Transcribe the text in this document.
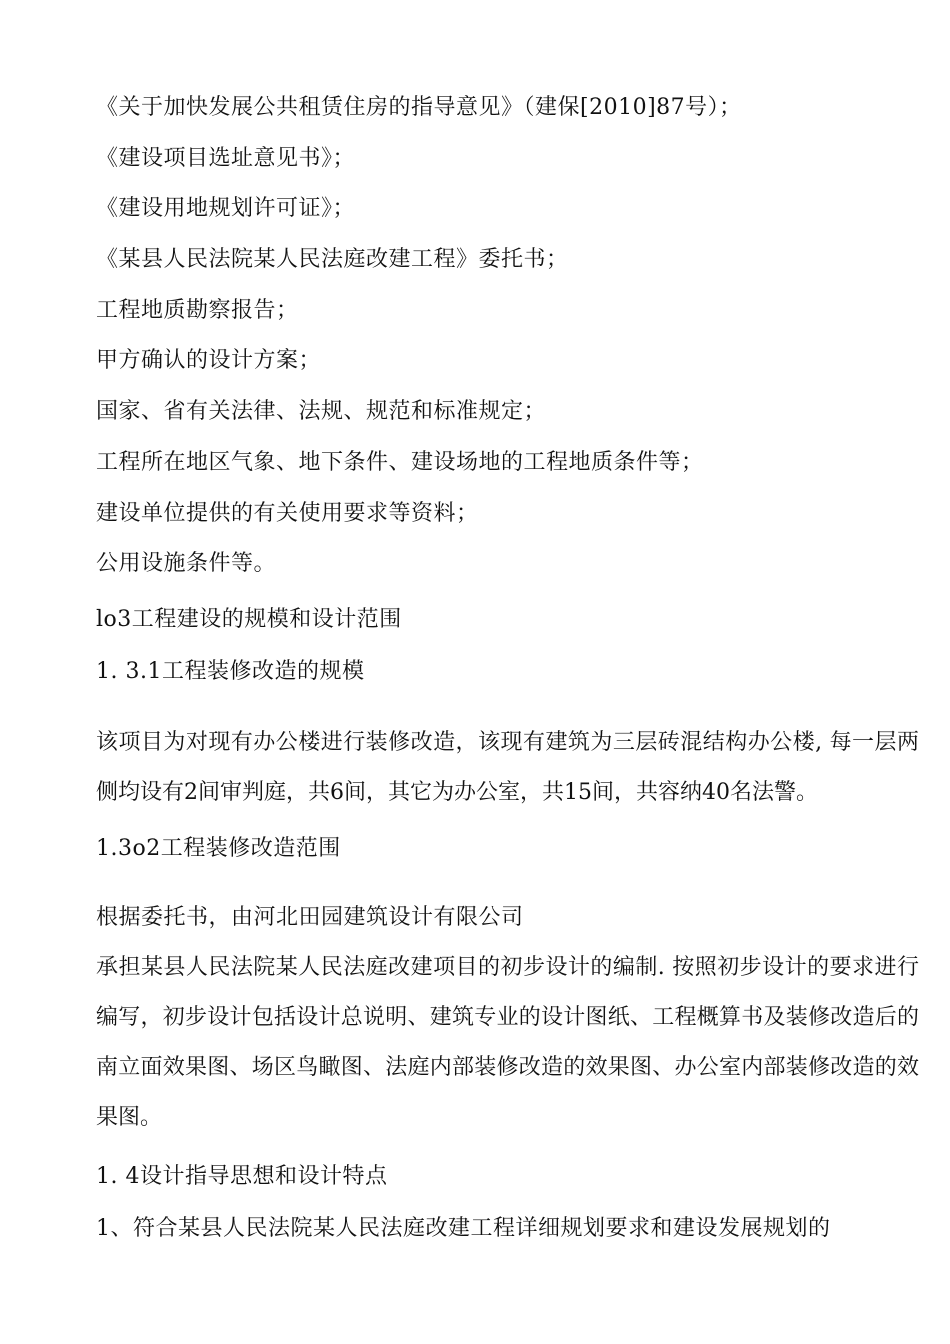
《关于加快发展公共租赁住房的指导意见》（建保[2010]87号）；
《建设项目选址意见书》；
《建设用地规划许可证》；
《某县人民法院某人民法庭改建工程》委托书；
工程地质勘察报告；
甲方确认的设计方案；
国家、省有关法律、法规、规范和标准规定；
工程所在地区气象、地下条件、建设场地的工程地质条件等；
建设单位提供的有关使用要求等资料；
公用设施条件等。
lo3工程建设的规模和设计范围
1. 3.1工程装修改造的规模
该项目为对现有办公楼进行装修改造，该现有建筑为三层砖混结构办公楼, 每一层两侧均设有2间审判庭，共6间，其它为办公室，共15间，共容纳40名法警。
1.3o2工程装修改造范围
根据委托书，由河北田园建筑设计有限公司
承担某县人民法院某人民法庭改建项目的初步设计的编制. 按照初步设计的要求进行编写，初步设计包括设计总说明、建筑专业的设计图纸、工程概算书及装修改造后的南立面效果图、场区鸟瞰图、法庭内部装修改造的效果图、办公室内部装修改造的效果图。
1. 4设计指导思想和设计特点
1、符合某县人民法院某人民法庭改建工程详细规划要求和建设发展规划的
